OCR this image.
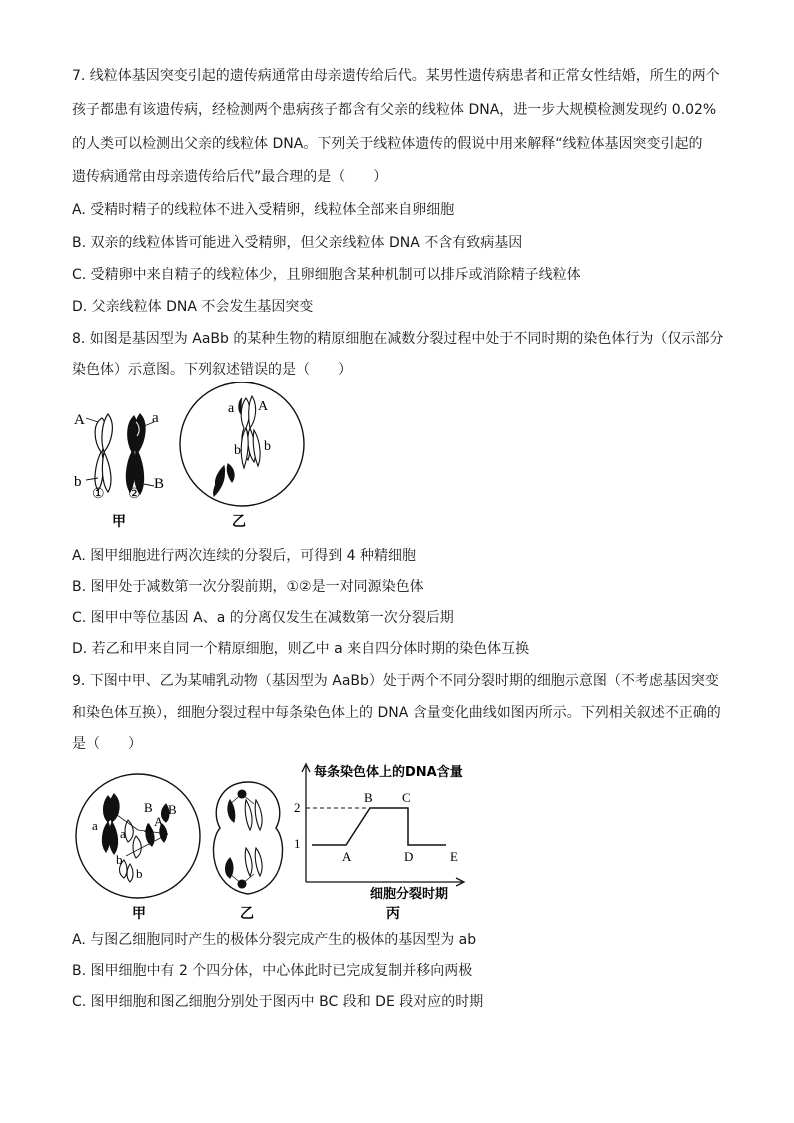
7. 线粒体基因突变引起的遗传病通常由母亲遗传给后代。某男性遗传病患者和正常女性结婚，所生的两个
孩子都患有该遗传病，经检测两个患病孩子都含有父亲的线粒体 DNA，进一步大规模检测发现约 0.02%
的人类可以检测出父亲的线粒体 DNA。下列关于线粒体遗传的假说中用来解释“线粒体基因突变引起的
遗传病通常由母亲遗传给后代”最合理的是（　　）
A. 受精时精子的线粒体不进入受精卵，线粒体全部来自卵细胞
B. 双亲的线粒体皆可能进入受精卵，但父亲线粒体 DNA 不含有致病基因
C. 受精卵中来自精子的线粒体少，且卵细胞含某种机制可以排斥或消除精子线粒体
D. 父亲线粒体 DNA 不会发生基因突变
8. 如图是基因型为 AaBb 的某种生物的精原细胞在减数分裂过程中处于不同时期的染色体行为（仅示部分
染色体）示意图。下列叙述错误的是（　　）
A	a
b	B
① ②
甲
a A
b b
乙
A. 图甲细胞进行两次连续的分裂后，可得到 4 种精细胞
B. 图甲处于减数第一次分裂前期，①②是一对同源染色体
C. 图甲中等位基因 A、a 的分离仅发生在减数第一次分裂后期
D. 若乙和甲来自同一个精原细胞，则乙中 a 来自四分体时期的染色体互换
9. 下图中甲、乙为某哺乳动物（基因型为 AaBb）处于两个不同分裂时期的细胞示意图（不考虑基因突变
和染色体互换），细胞分裂过程中每条染色体上的 DNA 含量变化曲线如图丙所示。下列相关叙述不正确的
是（　　）
a
a A A
B B
b
b
甲	乙
每条染色体上的DNA含量
细胞分裂时期
1
2
A
B C
D	E
丙
A. 与图乙细胞同时产生的极体分裂完成产生的极体的基因型为 ab
B. 图甲细胞中有 2 个四分体，中心体此时已完成复制并移向两极
C. 图甲细胞和图乙细胞分别处于图丙中 BC 段和 DE 段对应的时期
